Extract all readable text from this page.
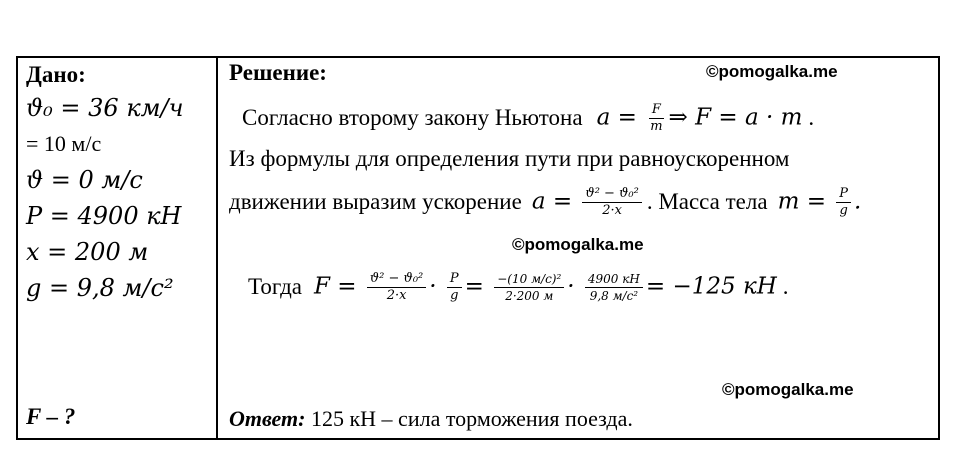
Дано:
ϑ₀ = 36 км/ч
= 10 м/с
ϑ = 0 м/с
P = 4900 кН
x = 200 м
g = 9,8 м/с²
F – ?
Решение:	©pomogalka.me
©pomogalka.me
©pomogalka.me
Согласно второму закону Ньютона $a = \frac{F}{m}$ ⇒ F = a · m .
Из формулы для определения пути при равноускоренном
движении выразим ускорение $a = \frac{\text{ϑ² − ϑ₀²}}{2\cdot x}$ . Масса тела $m = \frac{P}{g}$ .
Тогда $F = \frac{\text{ϑ² − ϑ₀²}}{2\cdot x} \cdot \frac{P}{g} = \frac{\text{−(10 м/с)²}}{2\cdot 200 м} \cdot \frac{4900 кН}{\text{9,8 м/с²}} = -125$ кН .
Ответ: 125 кН – сила торможения поезда.
